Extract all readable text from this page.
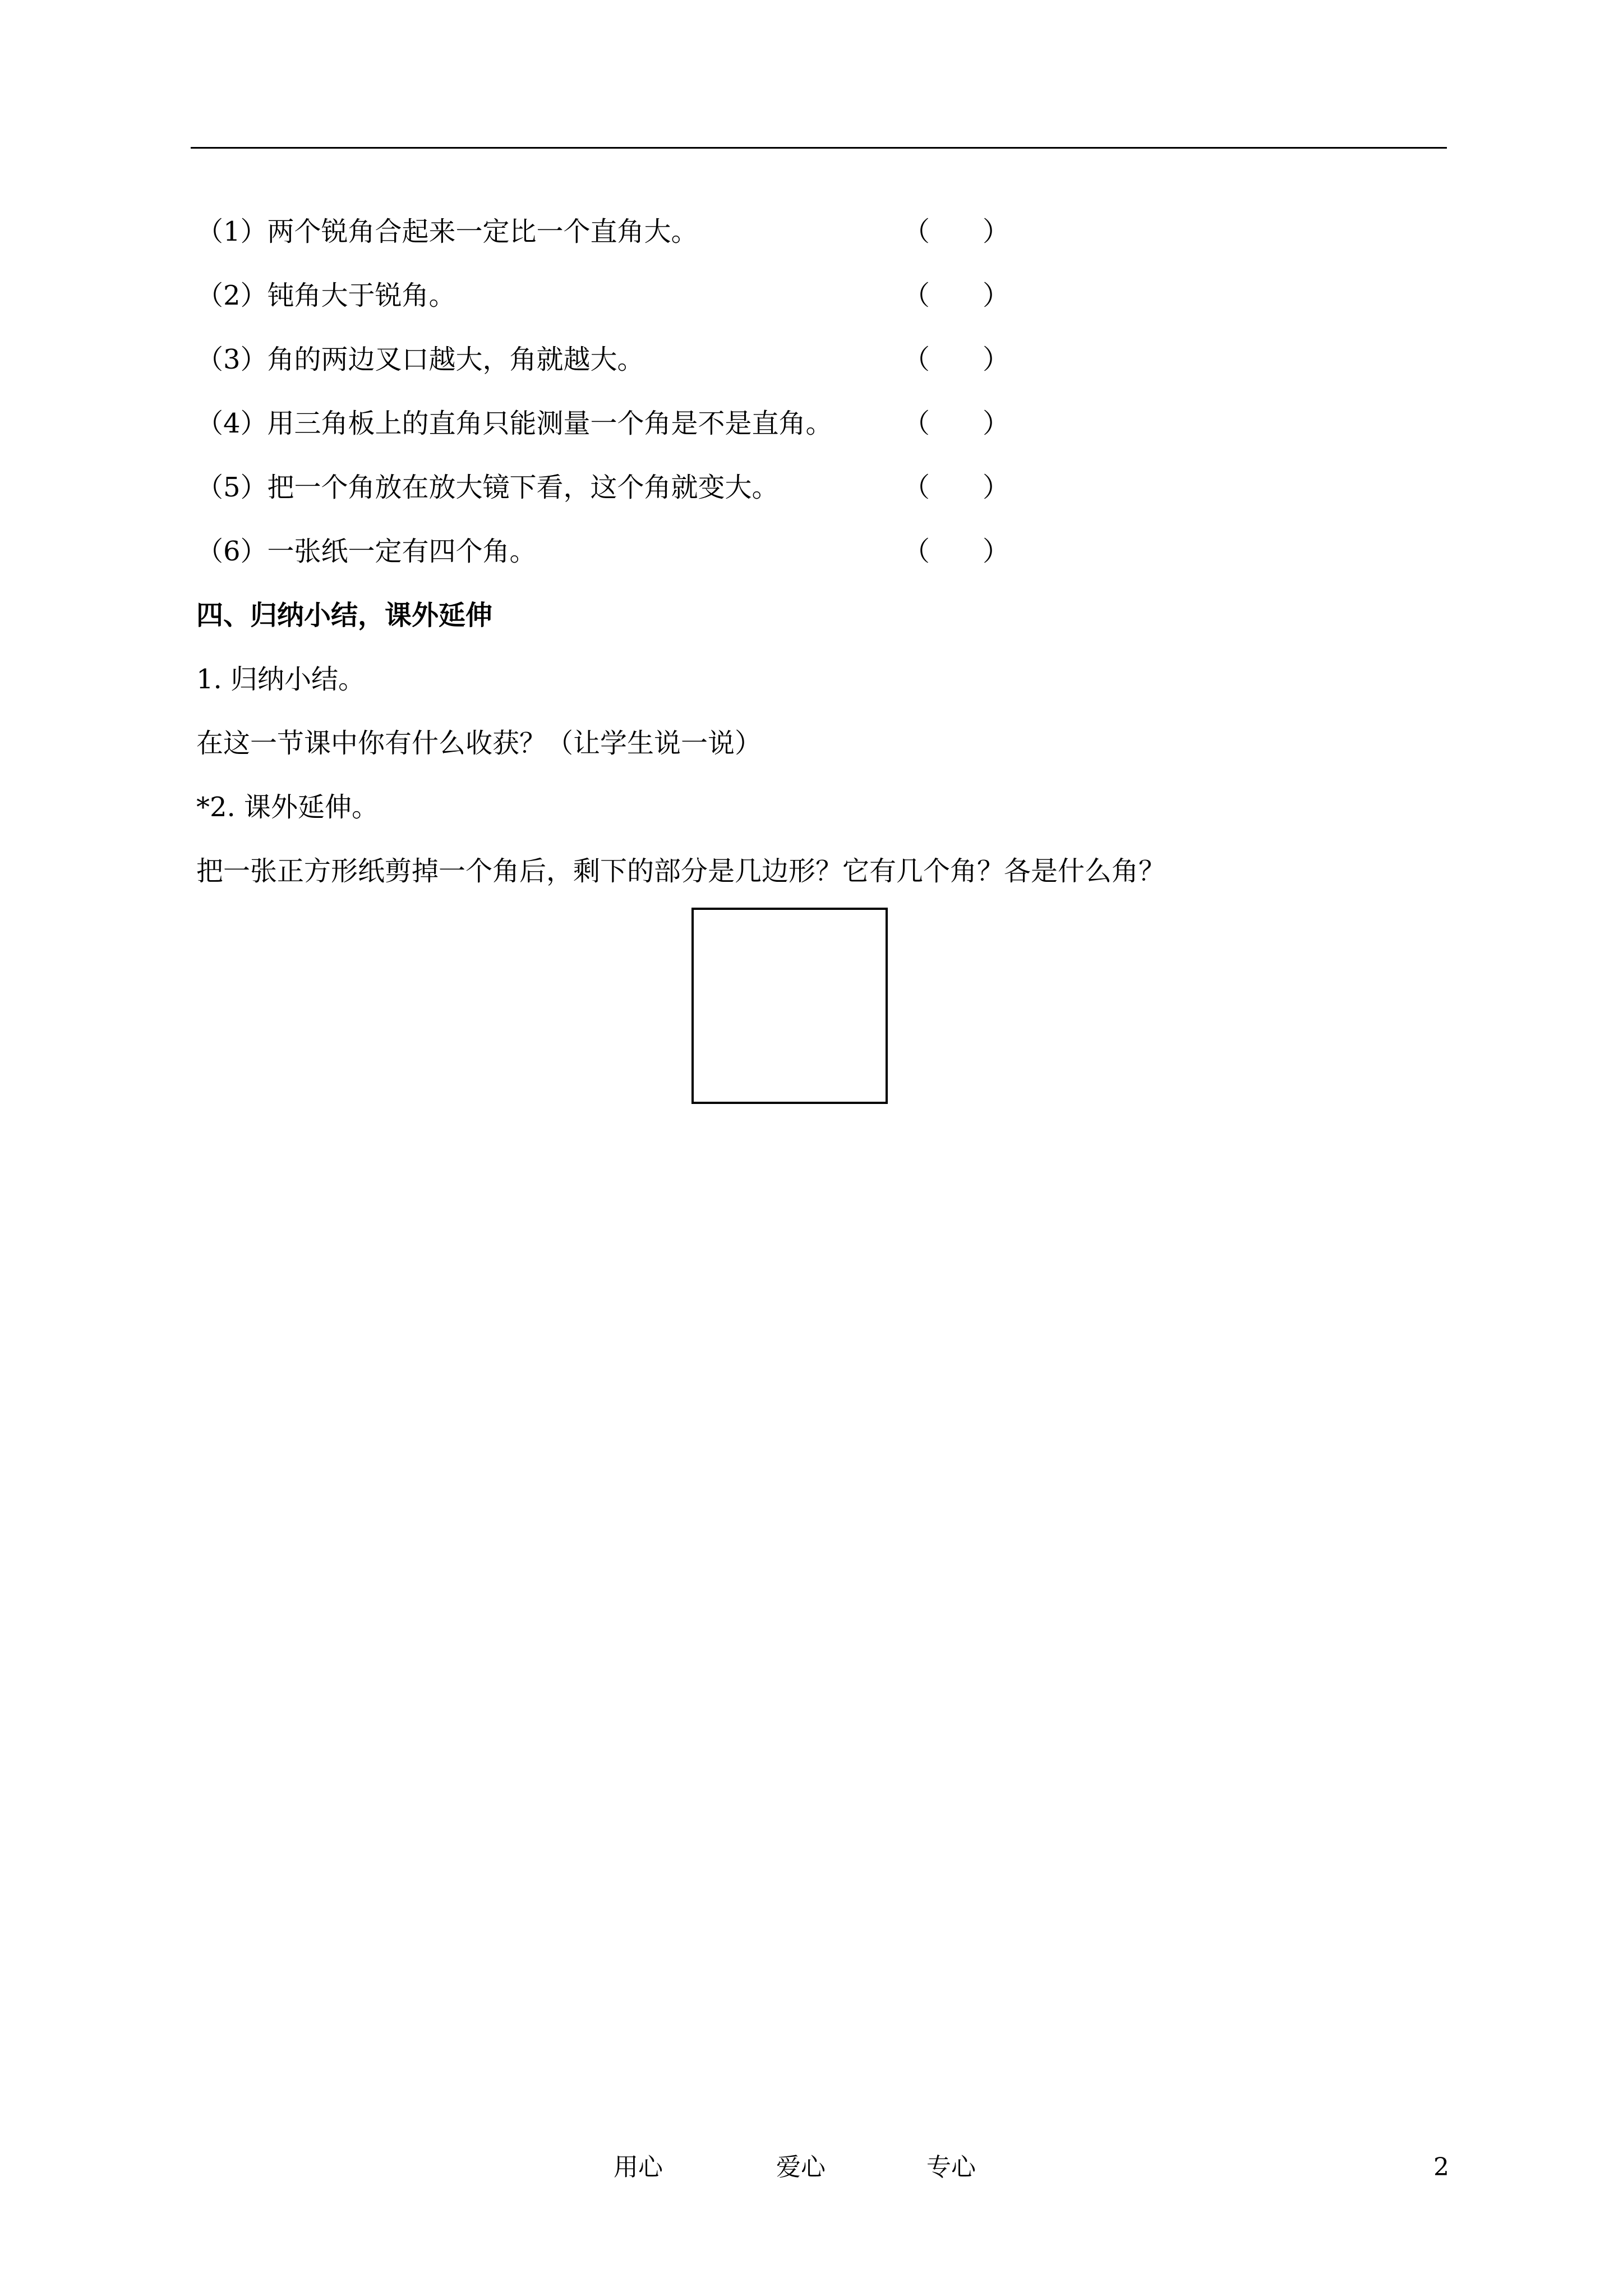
（1）两个锐角合起来一定比一个直角大。	（ ）
（2）钝角大于锐角。	（ ）
（3）角的两边叉口越大，角就越大。	（ ）
（4）用三角板上的直角只能测量一个角是不是直角。	（ ）
（5）把一个角放在放大镜下看，这个角就变大。	（ ）
（6）一张纸一定有四个角。	（ ）
四、归纳小结，课外延伸
1. 归纳小结。
在这一节课中你有什么收获？（让学生说一说）
*2. 课外延伸。
把一张正方形纸剪掉一个角后，剩下的部分是几边形？它有几个角？各是什么角？
用心	爱心	专心	2
